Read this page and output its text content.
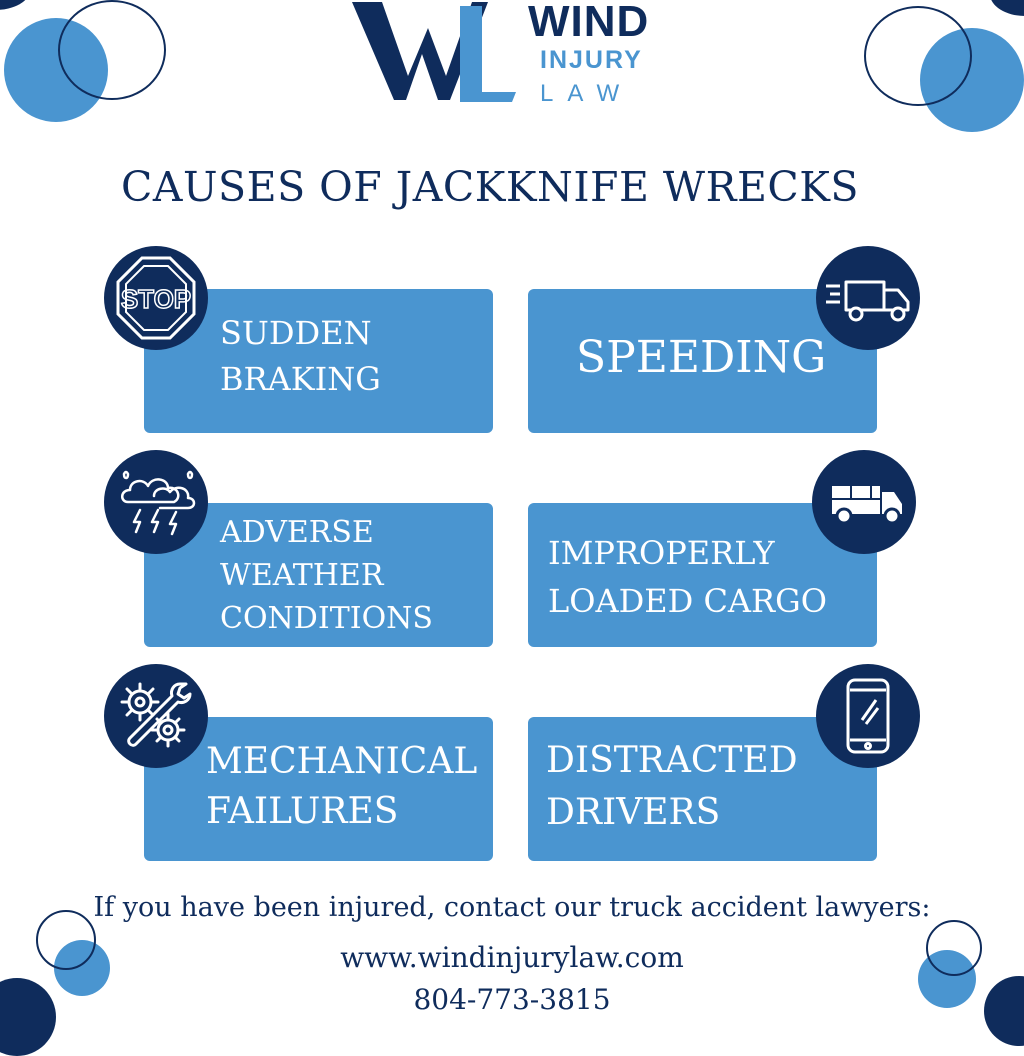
WIND
INJURY
LAW
CAUSES OF JACKKNIFE WRECKS
SUDDEN
BRAKING
STOP
SPEEDING
ADVERSE
WEATHER
CONDITIONS
IMPROPERLY
LOADED CARGO
MECHANICAL
FAILURES
DISTRACTED
DRIVERS
If you have been injured, contact our truck accident lawyers:
www.windinjurylaw.com
804-773-3815
